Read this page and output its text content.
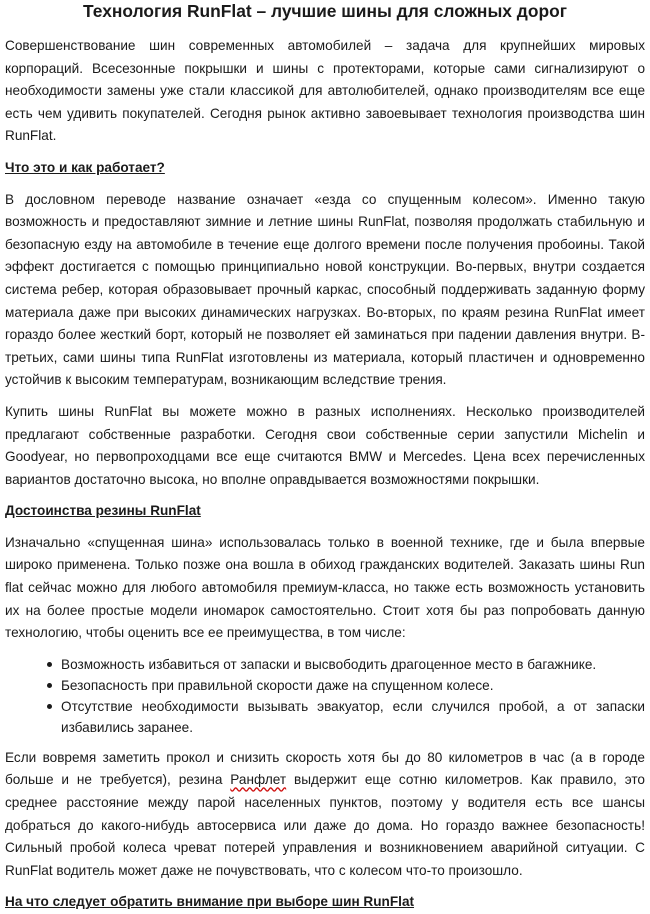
Технология RunFlat – лучшие шины для сложных дорог

Совершенствование шин современных автомобилей – задача для крупнейших мировых корпораций. Всесезонные покрышки и шины с протекторами, которые сами сигнализируют о необходимости замены уже стали классикой для автолюбителей, однако производителям все еще есть чем удивить покупателей. Сегодня рынок активно завоевывает технология производства шин RunFlat.

Что это и как работает?

В дословном переводе название означает «езда со спущенным колесом». Именно такую возможность и предоставляют зимние и летние шины RunFlat, позволяя продолжать стабильную и безопасную езду на автомобиле в течение еще долгого времени после получения пробоины. Такой эффект достигается с помощью принципиально новой конструкции. Во-первых, внутри создается система ребер, которая образовывает прочный каркас, способный поддерживать заданную форму материала даже при высоких динамических нагрузках. Во-вторых, по краям резина RunFlat имеет гораздо более жесткий борт, который не позволяет ей заминаться при падении давления внутри. В-третьих, сами шины типа RunFlat изготовлены из материала, который пластичен и одновременно устойчив к высоким температурам, возникающим вследствие трения.

Купить шины RunFlat вы можете можно в разных исполнениях. Несколько производителей предлагают собственные разработки. Сегодня свои собственные серии запустили Michelin и Goodyear, но первопроходцами все еще считаются BMW и Mercedes. Цена всех перечисленных вариантов достаточно высока, но вполне оправдывается возможностями покрышки.

Достоинства резины RunFlat

Изначально «спущенная шина» использовалась только в военной технике, где и была впервые широко применена. Только позже она вошла в обиход гражданских водителей. Заказать шины Run flat сейчас можно для любого автомобиля премиум-класса, но также есть возможность установить их на более простые модели иномарок самостоятельно. Стоит хотя бы раз попробовать данную технологию, чтобы оценить все ее преимущества, в том числе:

Возможность избавиться от запаски и высвободить драгоценное место в багажнике.
Безопасность при правильной скорости даже на спущенном колесе.
Отсутствие необходимости вызывать эвакуатор, если случился пробой, а от запаски избавились заранее.

Если вовремя заметить прокол и снизить скорость хотя бы до 80 километров в час (а в городе больше и не требуется), резина Ранфлет выдержит еще сотню километров. Как правило, это среднее расстояние между парой населенных пунктов, поэтому у водителя есть все шансы добраться до какого-нибудь автосервиса или даже до дома. Но гораздо важнее безопасность! Сильный пробой колеса чреват потерей управления и возникновением аварийной ситуации. С RunFlat водитель может даже не почувствовать, что с колесом что-то произошло.

На что следует обратить внимание при выборе шин RunFlat
